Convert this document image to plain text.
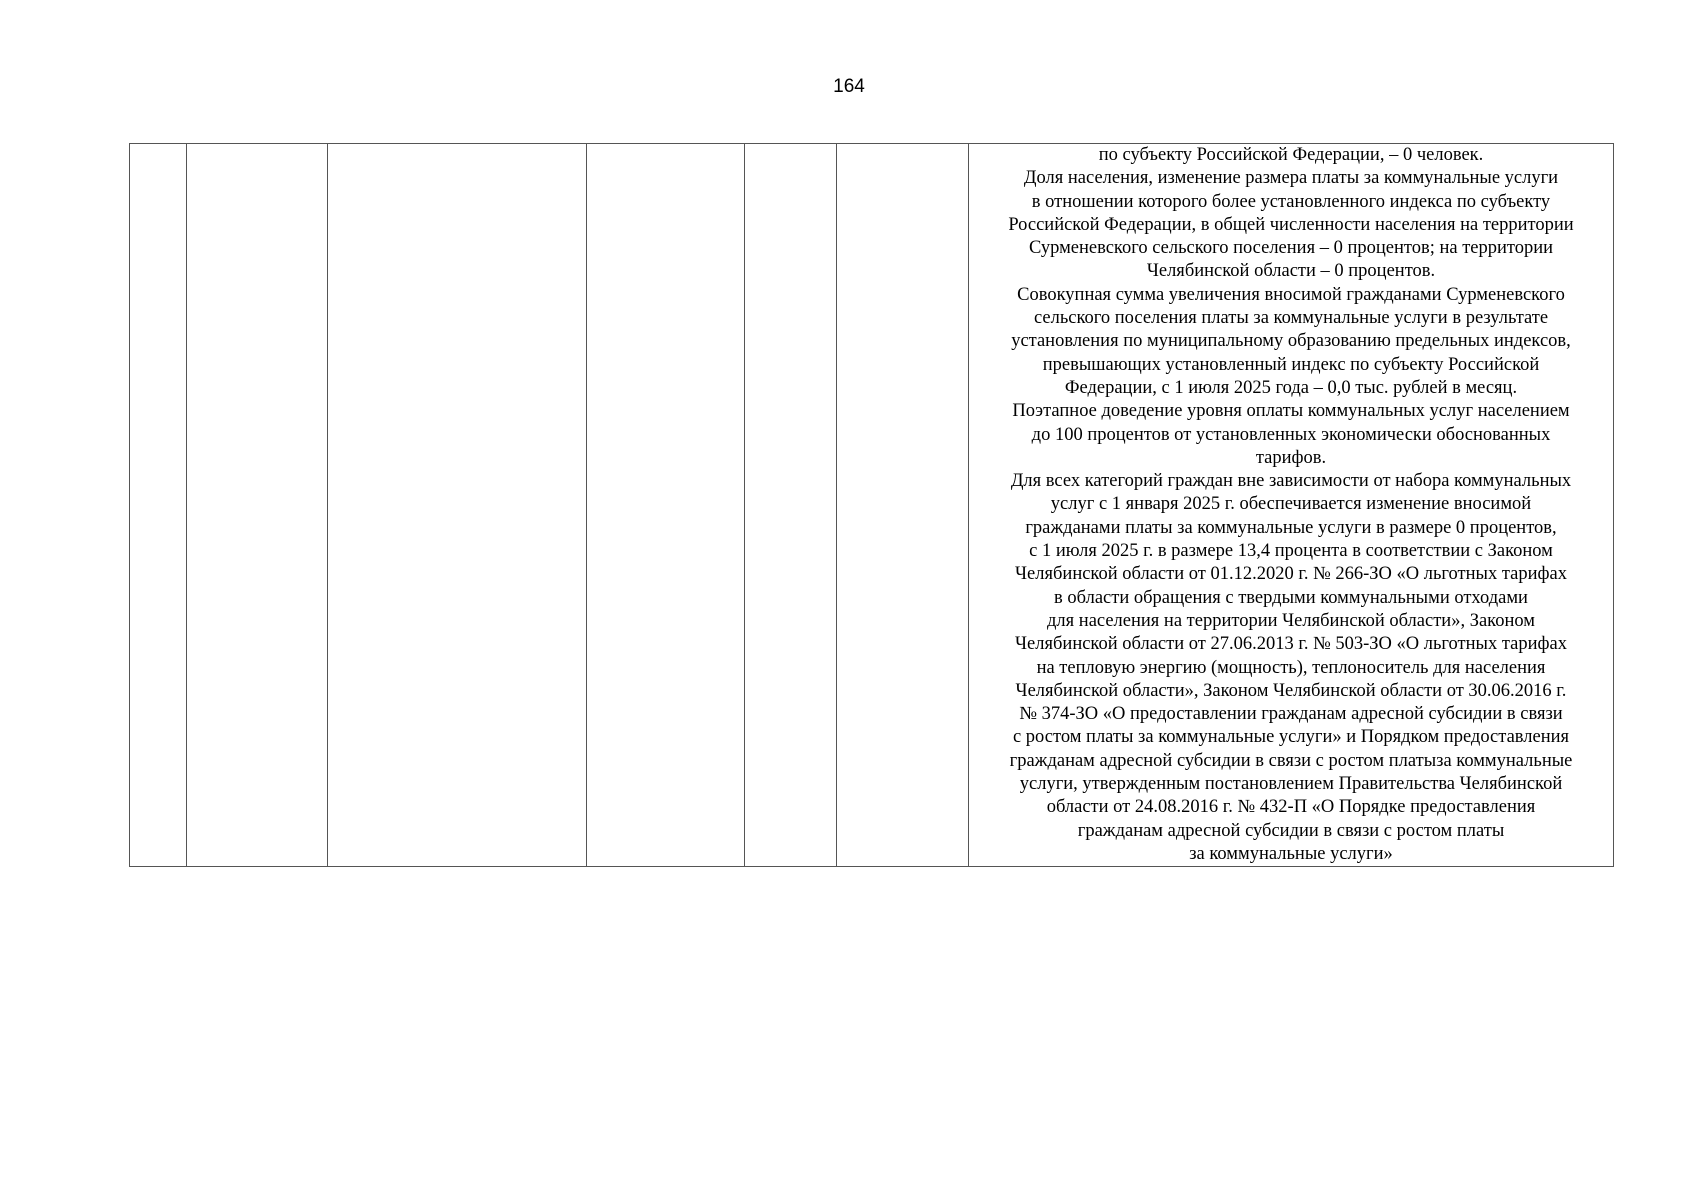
164

по субъекту Российской Федерации, – 0 человек.
Доля населения, изменение размера платы за коммунальные услуги
в отношении которого более установленного индекса по субъекту
Российской Федерации, в общей численности населения на территории
Сурменевского сельского поселения – 0 процентов; на территории
Челябинской области – 0 процентов.
Совокупная сумма увеличения вносимой гражданами Сурменевского
сельского поселения платы за коммунальные услуги в результате
установления по муниципальному образованию предельных индексов,
превышающих установленный индекс по субъекту Российской
Федерации, с 1 июля 2025 года – 0,0 тыс. рублей в месяц.
Поэтапное доведение уровня оплаты коммунальных услуг населением
до 100 процентов от установленных экономически обоснованных
тарифов.
Для всех категорий граждан вне зависимости от набора коммунальных
услуг с 1 января 2025 г. обеспечивается изменение вносимой
гражданами платы за коммунальные услуги в размере 0 процентов,
с 1 июля 2025 г. в размере 13,4 процента в соответствии с Законом
Челябинской области от 01.12.2020 г. № 266-ЗО «О льготных тарифах
в области обращения с твердыми коммунальными отходами
для населения на территории Челябинской области», Законом
Челябинской области от 27.06.2013 г. № 503-ЗО «О льготных тарифах
на тепловую энергию (мощность), теплоноситель для населения
Челябинской области», Законом Челябинской области от 30.06.2016 г.
№ 374-ЗО «О предоставлении гражданам адресной субсидии в связи
с ростом платы за коммунальные услуги» и Порядком предоставления
гражданам адресной субсидии в связи с ростом платыза коммунальные
услуги, утвержденным постановлением Правительства Челябинской
области от 24.08.2016 г. № 432-П «О Порядке предоставления
гражданам адресной субсидии в связи с ростом платы
за коммунальные услуги»
